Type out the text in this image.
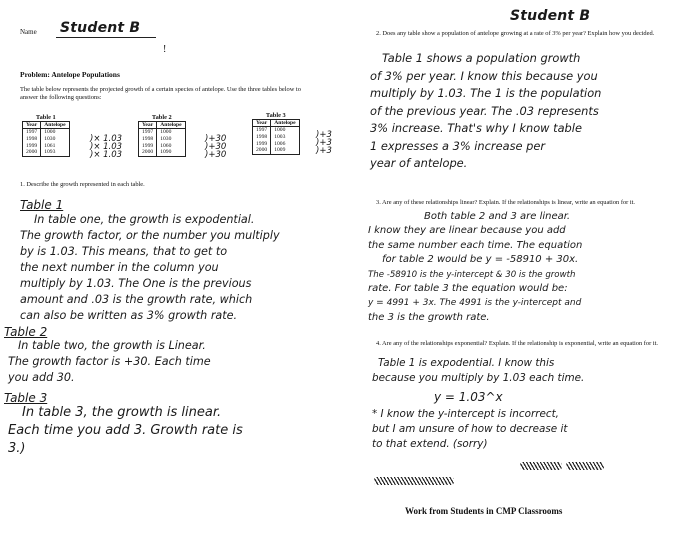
Name Student B
!
Problem: Antelope Populations
The table below represents the projected growth of a certain species of antelope. Use the three tables below to answer the following questions:
Table 1
Year	Antelope
1997	1000
1998	1030
1999	1061
2000	1093
)× 1.03
)× 1.03
)× 1.03
Table 2
Year	Antelope
1997	1000
1998	1030
1999	1060
2000	1090
)+30
)+30
)+30
Table 3
Year	Antelope
1997	1000
1998	1003
1999	1006
2000	1009
)+3
)+3
)+3
1. Describe the growth represented in each table.
Table 1
In table one, the growth is expodential.
The growth factor, or the number you multiply
by is 1.03. This means, that to get to
the next number in the column you
multiply by 1.03. The One is the previous
amount and .03 is the growth rate, which
can also be written as 3% growth rate.
Table 2
In table two, the growth is Linear.
The growth factor is +30. Each time
you add 30.
Table 3
In table 3, the growth is linear.
Each time you add 3. Growth rate is
3.)
Student B
2. Does any table show a population of antelope growing at a rate of 3% per year? Explain how you decided.
Table 1 shows a population growth
of 3% per year. I know this because you
multiply by 1.03. The 1 is the population
of the previous year. The .03 represents
3% increase. That's why I know table
1 expresses a 3% increase per
year of antelope.
3. Are any of these relationships linear? Explain. If the relationships is linear, write an equation for it.
Both table 2 and 3 are linear.
I know they are linear because you add
the same number each time. The equation
for table 2 would be y = -58910 + 30x.
The -58910 is the y-intercept & 30 is the growth
rate. For table 3 the equation would be:
y = 4991 + 3x. The 4991 is the y-intercept and
the 3 is the growth rate.
4. Are any of the relationships exponential? Explain. If the relationship is exponential, write an equation for it.
Table 1 is expodential. I know this
because you multiply by 1.03 each time.
y = 1.03^x
* I know the y-intercept is incorrect,
but I am unsure of how to decrease it
to that extend. (sorry)

Work from Students in CMP Classrooms
